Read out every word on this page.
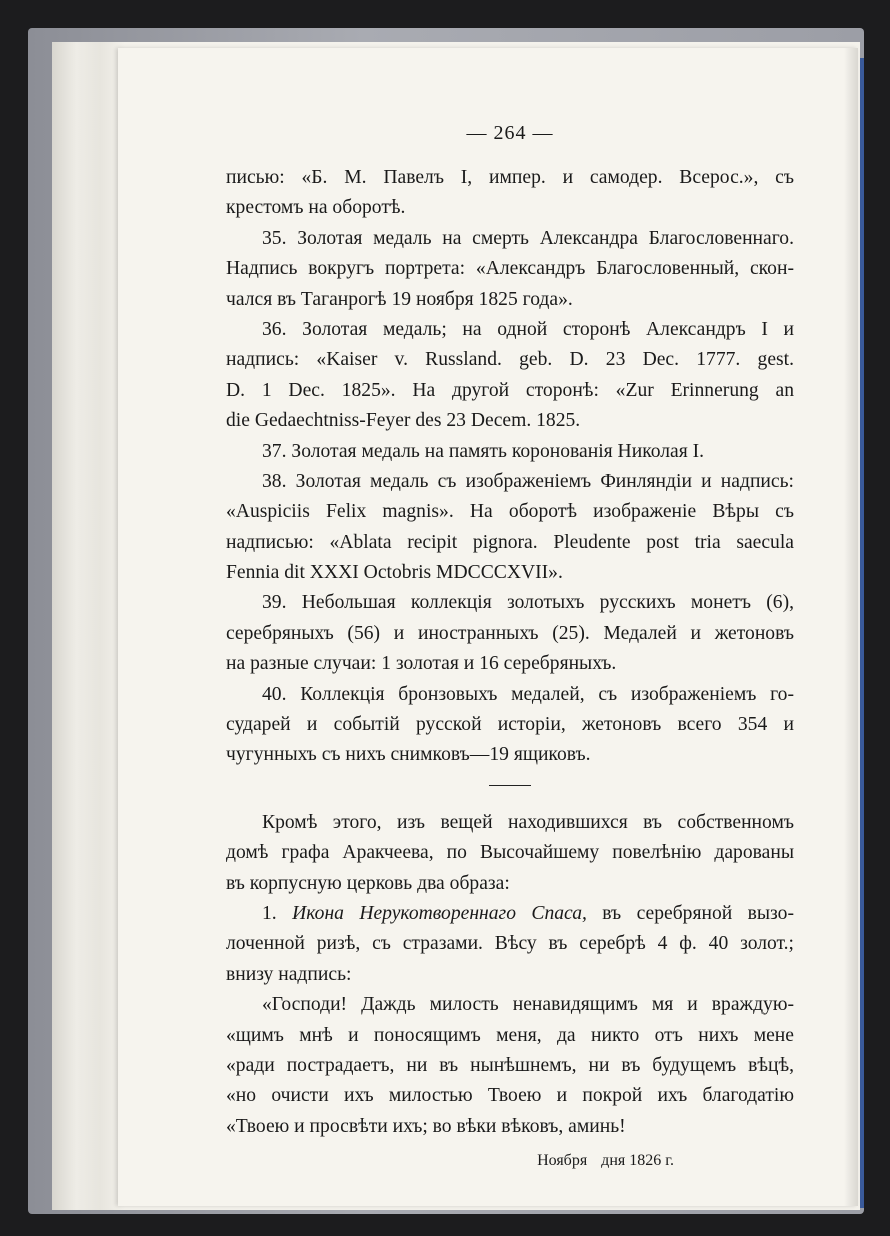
— 264 —
писью: «Б. М. Павелъ I, импер. и самодер. Всерос.», съ
крестомъ на оборотѣ.
35. Золотая медаль на смерть Александра Благословеннаго.
Надпись вокругъ портрета: «Александръ Благословенный, скон-
чался въ Таганрогѣ 19 ноября 1825 года».
36. Золотая медаль; на одной сторонѣ Александръ I и
надпись: «Kaiser v. Russland. geb. D. 23 Dec. 1777. gest.
D. 1 Dec. 1825». На другой сторонѣ: «Zur Erinnerung an
die Gedaechtniss-Feyer des 23 Decem. 1825.
37. Золотая медаль на память коронованія Николая I.
38. Золотая медаль съ изображеніемъ Финляндіи и надпись:
«Auspiciis Felix magnis». На оборотѣ изображеніе Вѣры съ
надписью: «Ablata recipit pignora. Pleudente post tria saecula
Fennia dit XXXI Octobris MDCCCXVII».
39. Небольшая коллекція золотыхъ русскихъ монетъ (6),
серебряныхъ (56) и иностранныхъ (25). Медалей и жетоновъ
на разные случаи: 1 золотая и 16 серебряныхъ.
40. Коллекція бронзовыхъ медалей, съ изображеніемъ го-
сударей и событій русской исторіи, жетоновъ всего 354 и
чугунныхъ съ нихъ снимковъ—19 ящиковъ.
Кромѣ этого, изъ вещей находившихся въ собственномъ
домѣ графа Аракчеева, по Высочайшему повелѣнію дарованы
въ корпусную церковь два образа:
1. Икона Нерукотвореннаго Спаса, въ серебряной вызо-
лоченной ризѣ, съ стразами. Вѣсу въ серебрѣ 4 ф. 40 золот.;
внизу надпись:
«Господи! Даждь милость ненавидящимъ мя и враждую-
«щимъ мнѣ и поносящимъ меня, да никто отъ нихъ мене
«ради пострадаетъ, ни въ нынѣшнемъ, ни въ будущемъ вѣцѣ,
«но очисти ихъ милостью Твоею и покрой ихъ благодатію
«Твоею и просвѣти ихъ; во вѣки вѣковъ, аминь!
Ноября дня 1826 г.
